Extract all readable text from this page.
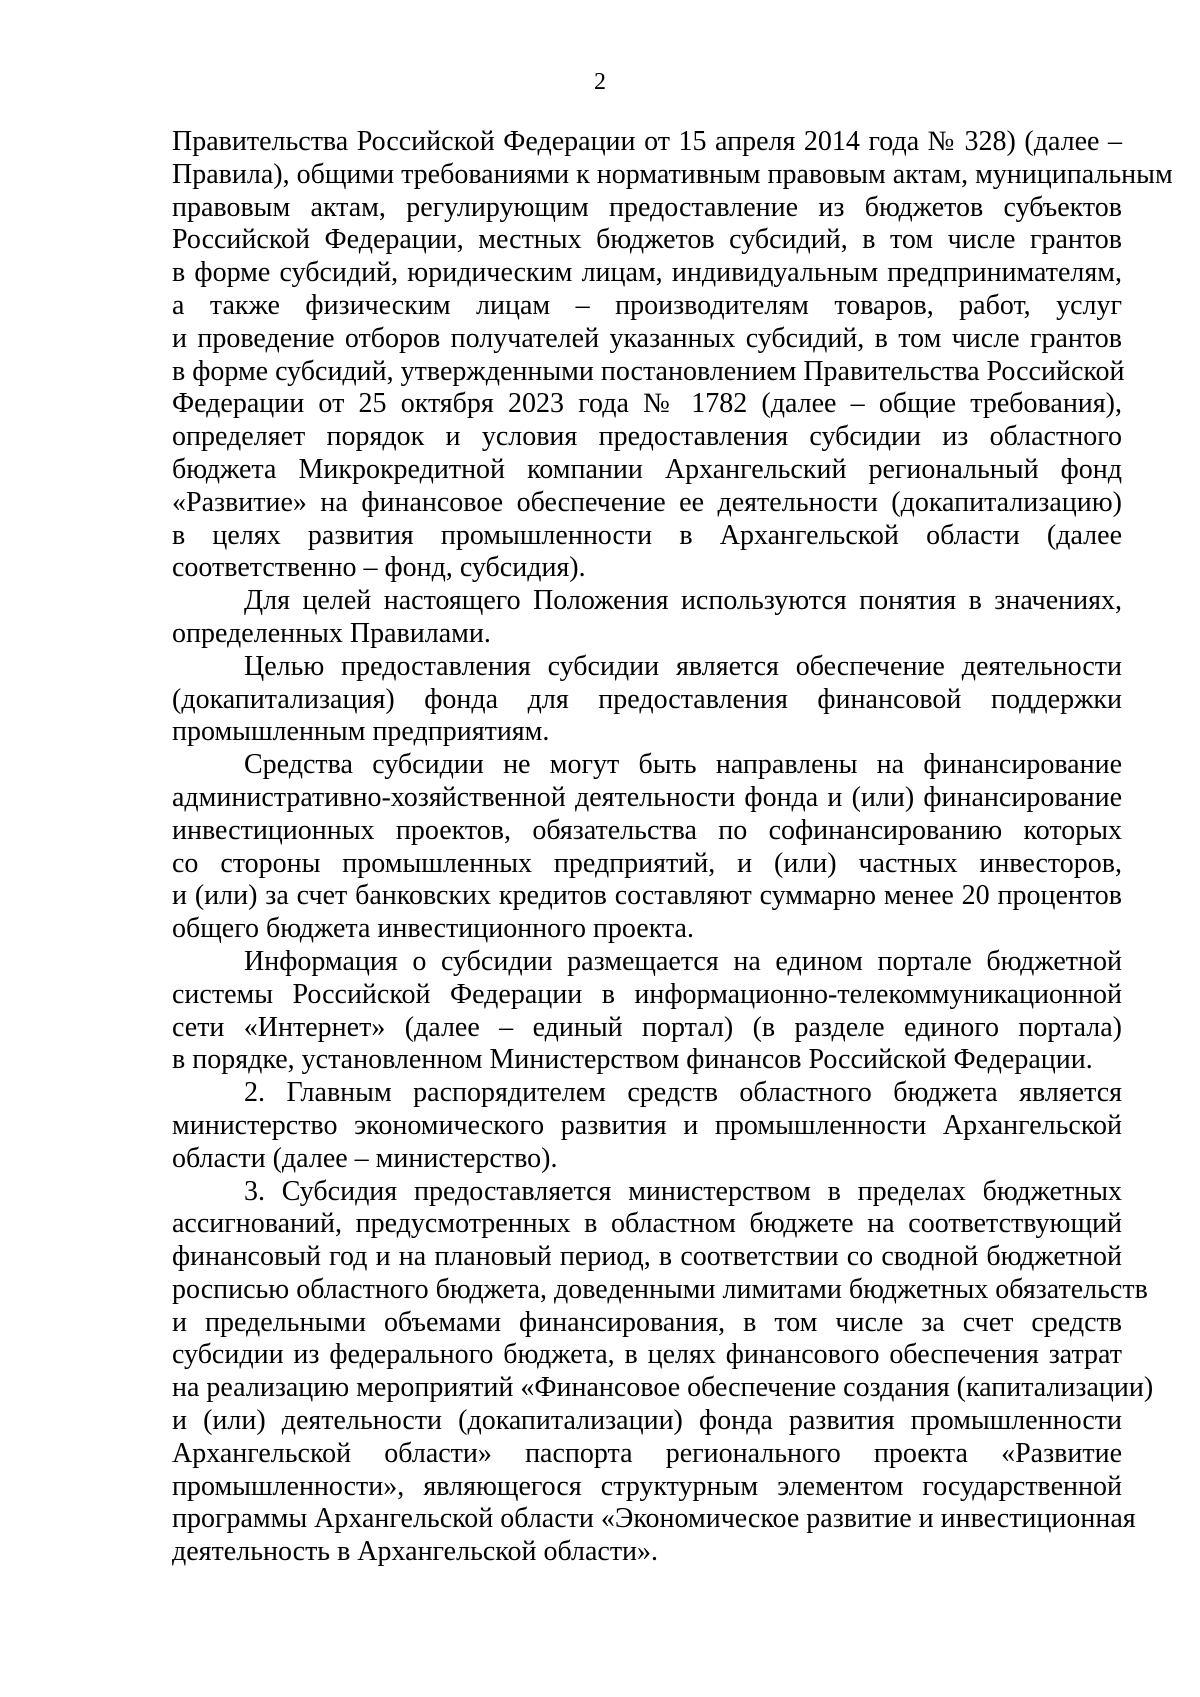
2

Правительства Российской Федерации от 15 апреля 2014 года № 328) (далее –
Правила), общими требованиями к нормативным правовым актам, муниципальным
правовым актам, регулирующим предоставление из бюджетов субъектов
Российской Федерации, местных бюджетов субсидий, в том числе грантов
в форме субсидий, юридическим лицам, индивидуальным предпринимателям,
а также физическим лицам – производителям товаров, работ, услуг
и проведение отборов получателей указанных субсидий, в том числе грантов
в форме субсидий, утвержденными постановлением Правительства Российской
Федерации от 25 октября 2023 года № 1782 (далее – общие требования),
определяет порядок и условия предоставления субсидии из областного
бюджета Микрокредитной компании Архангельский региональный фонд
«Развитие» на финансовое обеспечение ее деятельности (докапитализацию)
в целях развития промышленности в Архангельской области (далее
соответственно – фонд, субсидия).

Для целей настоящего Положения используются понятия в значениях,
определенных Правилами.

Целью предоставления субсидии является обеспечение деятельности
(докапитализация) фонда для предоставления финансовой поддержки
промышленным предприятиям.

Средства субсидии не могут быть направлены на финансирование
административно-хозяйственной деятельности фонда и (или) финансирование
инвестиционных проектов, обязательства по софинансированию которых
со стороны промышленных предприятий, и (или) частных инвесторов,
и (или) за счет банковских кредитов составляют суммарно менее 20 процентов
общего бюджета инвестиционного проекта.

Информация о субсидии размещается на едином портале бюджетной
системы Российской Федерации в информационно-телекоммуникационной
сети «Интернет» (далее – единый портал) (в разделе единого портала)
в порядке, установленном Министерством финансов Российской Федерации.

2. Главным распорядителем средств областного бюджета является
министерство экономического развития и промышленности Архангельской
области (далее – министерство).

3. Субсидия предоставляется министерством в пределах бюджетных
ассигнований, предусмотренных в областном бюджете на соответствующий
финансовый год и на плановый период, в соответствии со сводной бюджетной
росписью областного бюджета, доведенными лимитами бюджетных обязательств
и предельными объемами финансирования, в том числе за счет средств
субсидии из федерального бюджета, в целях финансового обеспечения затрат
на реализацию мероприятий «Финансовое обеспечение создания (капитализации)
и (или) деятельности (докапитализации) фонда развития промышленности
Архангельской области» паспорта регионального проекта «Развитие
промышленности», являющегося структурным элементом государственной
программы Архангельской области «Экономическое развитие и инвестиционная
деятельность в Архангельской области».
